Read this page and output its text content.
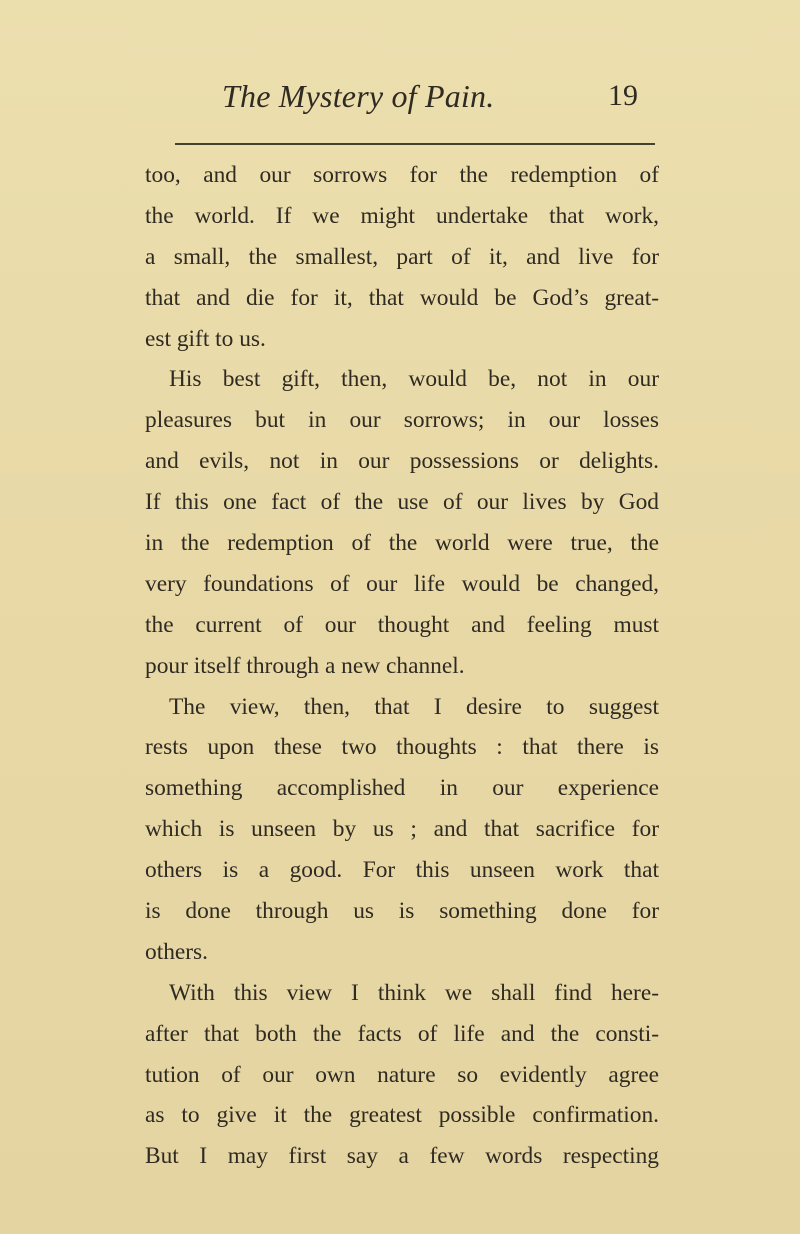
The Mystery of Pain.	19
too, and our sorrows for the redemption of
the world. If we might undertake that work,
a small, the smallest, part of it, and live for
that and die for it, that would be God’s great-
est gift to us.
His best gift, then, would be, not in our
pleasures but in our sorrows; in our losses
and evils, not in our possessions or delights.
If this one fact of the use of our lives by God
in the redemption of the world were true, the
very foundations of our life would be changed,
the current of our thought and feeling must
pour itself through a new channel.
The view, then, that I desire to suggest
rests upon these two thoughts : that there is
something accomplished in our experience
which is unseen by us ; and that sacrifice for
others is a good. For this unseen work that
is done through us is something done for
others.
With this view I think we shall find here-
after that both the facts of life and the consti-
tution of our own nature so evidently agree
as to give it the greatest possible confirmation.
But I may first say a few words respecting
